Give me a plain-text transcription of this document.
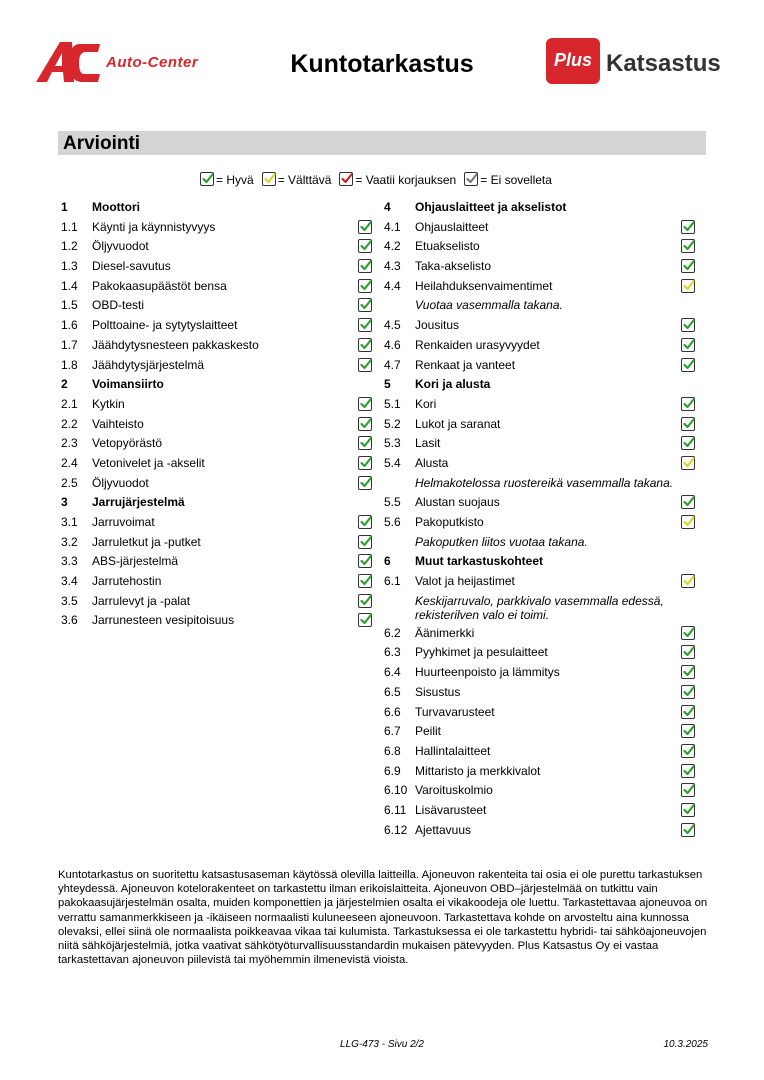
Auto-Center	Kuntotarkastus	Plus Katsastus
Arviointi
= Hyvä = Välttävä = Vaatii korjauksen = Ei sovelleta
1 Moottori
1.1 Käynti ja käynnistyvyys
1.2 Öljyvuodot
1.3 Diesel-savutus
1.4 Pakokaasupäästöt bensa
1.5 OBD-testi
1.6 Polttoaine- ja sytytyslaitteet
1.7 Jäähdytysnesteen pakkaskesto
1.8 Jäähdytysjärjestelmä
2 Voimansiirto
2.1 Kytkin
2.2 Vaihteisto
2.3 Vetopyörästö
2.4 Vetonivelet ja -akselit
2.5 Öljyvuodot
3 Jarrujärjestelmä
3.1 Jarruvoimat
3.2 Jarruletkut ja -putket
3.3 ABS-järjestelmä
3.4 Jarrutehostin
3.5 Jarrulevyt ja -palat
3.6 Jarrunesteen vesipitoisuus
4 Ohjauslaitteet ja akselistot
4.1 Ohjauslaitteet
4.2 Etuakselisto
4.3 Taka-akselisto
4.4 Heilahduksenvaimentimet
Vuotaa vasemmalla takana.
4.5 Jousitus
4.6 Renkaiden urasyvyydet
4.7 Renkaat ja vanteet
5 Kori ja alusta
5.1 Kori
5.2 Lukot ja saranat
5.3 Lasit
5.4 Alusta
Helmakotelossa ruostereikä vasemmalla takana.
5.5 Alustan suojaus
5.6 Pakoputkisto
Pakoputken liitos vuotaa takana.
6 Muut tarkastuskohteet
6.1 Valot ja heijastimet
Keskijarruvalo, parkkivalo vasemmalla edessä, rekisterilven valo ei toimi.
6.2 Äänimerkki
6.3 Pyyhkimet ja pesulaitteet
6.4 Huurteenpoisto ja lämmitys
6.5 Sisustus
6.6 Turvavarusteet
6.7 Peilit
6.8 Hallintalaitteet
6.9 Mittaristo ja merkkivalot
6.10 Varoituskolmio
6.11 Lisävarusteet
6.12 Ajettavuus
Kuntotarkastus on suoritettu katsastusaseman käytössä olevilla laitteilla. Ajoneuvon rakenteita tai osia ei ole purettu tarkastuksen yhteydessä. Ajoneuvon kotelorakenteet on tarkastettu ilman erikoislaitteita. Ajoneuvon OBD–järjestelmää on tutkittu vain pakokaasujärjestelmän osalta, muiden komponettien ja järjestelmien osalta ei vikakoodeja ole luettu. Tarkastettavaa ajoneuvoa on verrattu samanmerkkiseen ja -ikäiseen normaalisti kuluneeseen ajoneuvoon. Tarkastettava kohde on arvosteltu aina kunnossa olevaksi, ellei siinä ole normaalista poikkeavaa vikaa tai kulumista. Tarkastuksessa ei ole tarkastettu hybridi- tai sähköajoneuvojen niitä sähköjärjestelmiä, jotka vaativat sähkötyöturvallisuusstandardin mukaisen pätevyyden. Plus Katsastus Oy ei vastaa tarkastettavan ajoneuvon piilevistä tai myöhemmin ilmenevistä vioista.
LLG-473 - Sivu 2/2	10.3.2025
